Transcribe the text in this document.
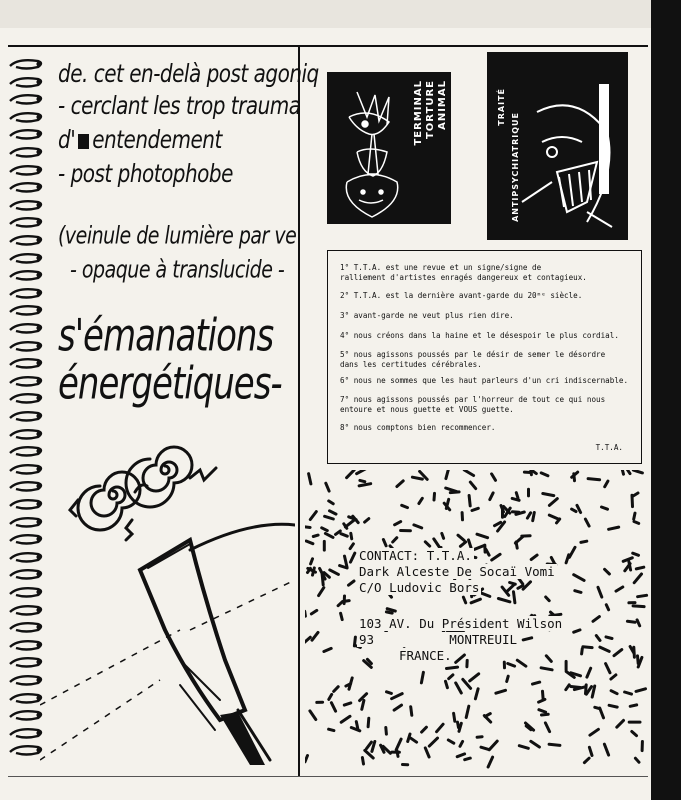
de. cet en-delà post agoniq
- cerclant les trop trauma
d' entendement
- post photophobe
(veinule de lumière par ve
- opaque à translucide -
s'émanations
énergétiques-
TERMINAL TORTURE ANIMAL	TRAITÉ
ANTIPSYCHIATRIQUE
1° T.T.A. est une revue et un signe/signe de
ralliement d'artistes enragés dangereux et contagieux.
2° T.T.A. est la dernière avant-garde du 20ᵐᵉ siècle.
3° avant-garde ne veut plus rien dire.
4° nous créons dans la haine et le désespoir le plus cordial.
5° nous agissons poussés par le désir de semer le désordre
dans les certitudes cérébrales.
6° nous ne sommes que les haut parleurs d'un cri indiscernable.
7° nous agissons poussés par l'horreur de tout ce qui nous
entoure et nous guette et VOUS guette.
8° nous comptons bien recommencer.
T.T.A.
CONTACT: T.T.A.
Dark Alceste De Socaï Vomi
C/O Ludovic Bors
103 AV. Du Président Wilson
93          MONTREUIL
FRANCE.
